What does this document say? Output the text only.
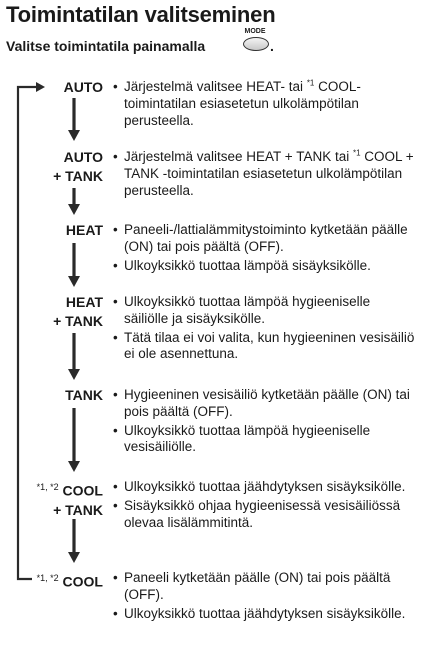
Toimintatilan valitseminen
Valitse toimintatila painamalla
MODE
.
AUTO	• Järjestelmä valitsee HEAT- tai $^{*1}$ COOL-toimintatilan esiasetetun ulkolämpötilan perusteella.

AUTO
+ TANK

• Järjestelmä valitsee HEAT + TANK tai $^{*1}$ COOL + TANK -toimintatilan esiasetetun ulkolämpötilan perusteella.

HEAT	• Paneeli-/lattialämmitystoiminto kytketään päälle (ON) tai pois päältä (OFF).

• Ulkoyksikkö tuottaa lämpöä sisäyksikölle.

HEAT
+ TANK

• Ulkoyksikkö tuottaa lämpöä hygieeniselle säiliölle ja sisäyksikölle.

• Tätä tilaa ei voi valita, kun hygieeninen vesisäiliö ei ole asennettuna.

TANK	• Hygieeninen vesisäiliö kytketään päälle (ON) tai pois päältä (OFF).

• Ulkoyksikkö tuottaa lämpöä hygieeniselle vesisäiliölle.

$^{*1, *2}$ COOL
+ TANK

• Ulkoyksikkö tuottaa jäähdytyksen sisäyksikölle.

• Sisäyksikkö ohjaa hygieenisessä vesisäiliössä olevaa lisälämmitintä.

$^{*1, *2}$ COOL	• Paneeli kytketään päälle (ON) tai pois päältä (OFF).

• Ulkoyksikkö tuottaa jäähdytyksen sisäyksikölle.
